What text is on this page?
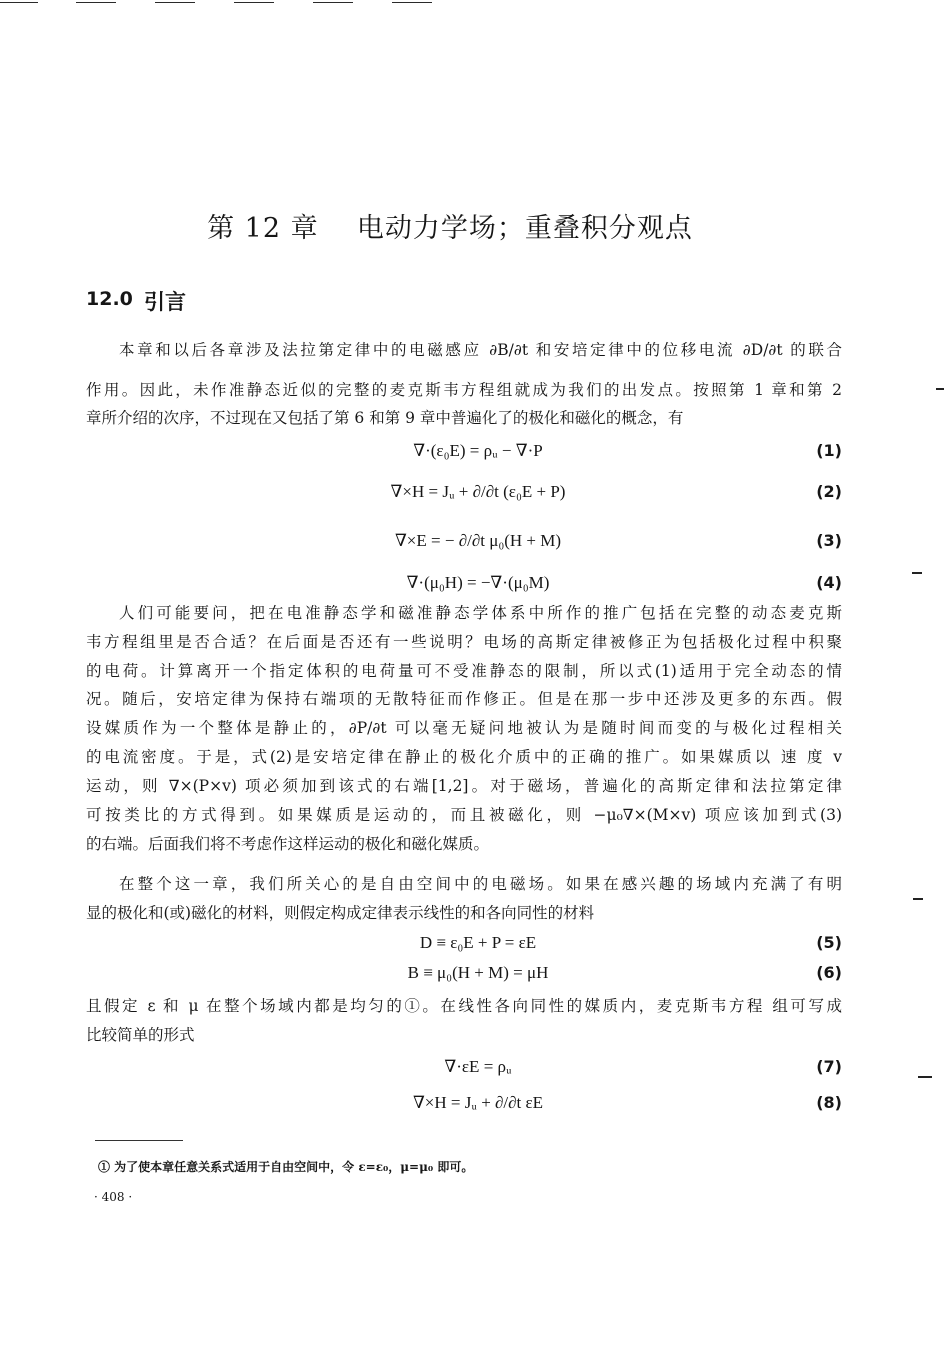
第 12 章    电动力学场；重叠积分观点
12.0 引言
本章和以后各章涉及法拉第定律中的电磁感应 ∂B/∂t 和安培定律中的位移电流 ∂D/∂t 的联合
作用。因此，未作准静态近似的完整的麦克斯韦方程组就成为我们的出发点。按照第 1 章和第 2
章所介绍的次序，不过现在又包括了第 6 和第 9 章中普遍化了的极化和磁化的概念，有
∇·(ε₀E) = ρᵤ − ∇·P	(1)
∇×H = Jᵤ + ∂/∂t (ε₀E + P)	(2)
∇×E = − ∂/∂t μ₀(H + M)	(3)
∇·(μ₀H) = −∇·(μ₀M)	(4)
人们可能要问，把在电准静态学和磁准静态学体系中所作的推广包括在完整的动态麦克斯
韦方程组里是否合适？在后面是否还有一些说明？电场的高斯定律被修正为包括极化过程中积聚
的电荷。计算离开一个指定体积的电荷量可不受准静态的限制，所以式(1)适用于完全动态的情
况。随后，安培定律为保持右端项的无散特征而作修正。但是在那一步中还涉及更多的东西。假
设媒质作为一个整体是静止的，∂P/∂t 可以毫无疑问地被认为是随时间而变的与极化过程相关
的电流密度。于是，式(2)是安培定律在静止的极化介质中的正确的推广。如果媒质以 速 度 v
运动，则 ∇×(P×v) 项必须加到该式的右端[1,2]。对于磁场，普遍化的高斯定律和法拉第定律
可按类比的方式得到。如果媒质是运动的，而且被磁化，则 −μ₀∇×(M×v) 项应该加到式(3)
的右端。后面我们将不考虑作这样运动的极化和磁化媒质。
在整个这一章，我们所关心的是自由空间中的电磁场。如果在感兴趣的场域内充满了有明
显的极化和(或)磁化的材料，则假定构成定律表示线性的和各向同性的材料
D ≡ ε₀E + P = εE	(5)
B ≡ μ₀(H + M) = μH	(6)
且假定 ε 和 μ 在整个场域内都是均匀的①。在线性各向同性的媒质内，麦克斯韦方程 组可写成
比较简单的形式
∇·εE = ρᵤ	(7)
∇×H = Jᵤ + ∂/∂t εE	(8)
① 为了使本章任意关系式适用于自由空间中，令 ε=ε₀，μ=μ₀ 即可。
· 408 ·
